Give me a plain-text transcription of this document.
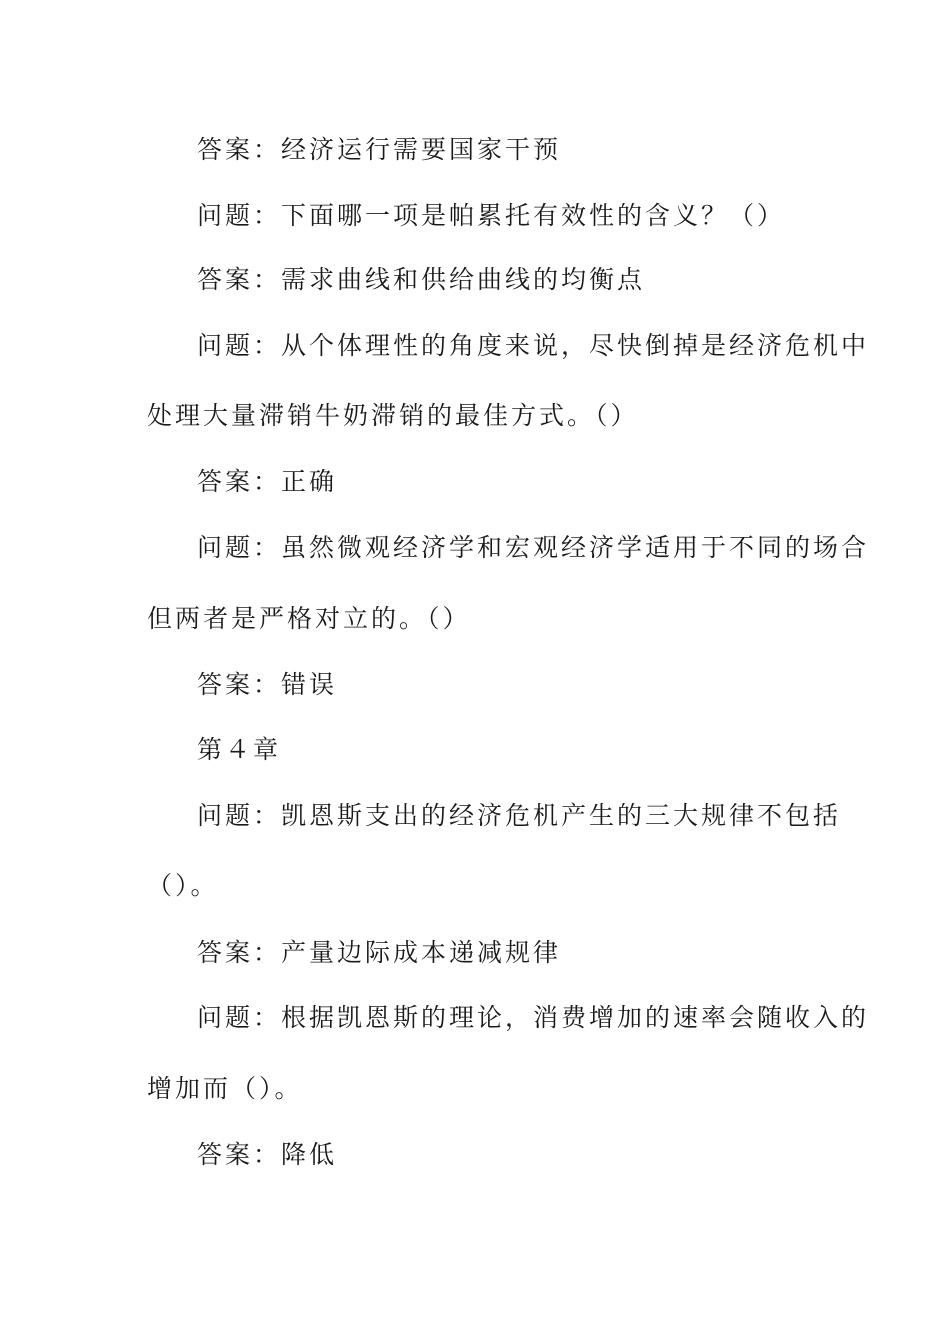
答案：经济运行需要国家干预
问题：下面哪一项是帕累托有效性的含义？（）
答案：需求曲线和供给曲线的均衡点
问题：从个体理性的角度来说，尽快倒掉是经济危机中
处理大量滞销牛奶滞销的最佳方式。（）
答案：正确
问题：虽然微观经济学和宏观经济学适用于不同的场合
但两者是严格对立的。（）
答案：错误
第４章
问题：凯恩斯支出的经济危机产生的三大规律不包括
（）。
答案：产量边际成本递减规律
问题：根据凯恩斯的理论，消费增加的速率会随收入的
增加而（）。
答案：降低
